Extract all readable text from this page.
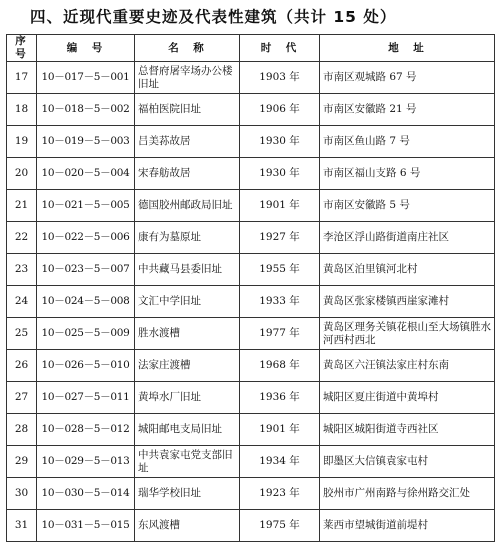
四、近现代重要史迹及代表性建筑（共计 15 处）
序号	编　号	名　称	时　代	地　址
17	10－017－5－001	总督府屠宰场办公楼旧址	1903 年	市南区观城路 67 号
18	10－018－5－002	福柏医院旧址	1906 年	市南区安徽路 21 号
19	10－019－5－003	吕美荪故居	1930 年	市南区鱼山路 7 号
20	10－020－5－004	宋春舫故居	1930 年	市南区福山支路 6 号
21	10－021－5－005	德国胶州邮政局旧址	1901 年	市南区安徽路 5 号
22	10－022－5－006	康有为墓原址	1927 年	李沧区浮山路街道南庄社区
23	10－023－5－007	中共藏马县委旧址	1955 年	黄岛区泊里镇河北村
24	10－024－5－008	文汇中学旧址	1933 年	黄岛区张家楼镇西崖家滩村
25	10－025－5－009	胜水渡槽	1977 年	黄岛区理务关镇花根山至大场镇胜水河西村西北
26	10－026－5－010	法家庄渡槽	1968 年	黄岛区六汪镇法家庄村东南
27	10－027－5－011	黄埠水厂旧址	1936 年	城阳区夏庄街道中黄埠村
28	10－028－5－012	城阳邮电支局旧址	1901 年	城阳区城阳街道寺西社区
29	10－029－5－013	中共袁家屯党支部旧址	1934 年	即墨区大信镇袁家屯村
30	10－030－5－014	瑞华学校旧址	1923 年	胶州市广州南路与徐州路交汇处
31	10－031－5－015	东风渡槽	1975 年	莱西市望城街道前堤村
